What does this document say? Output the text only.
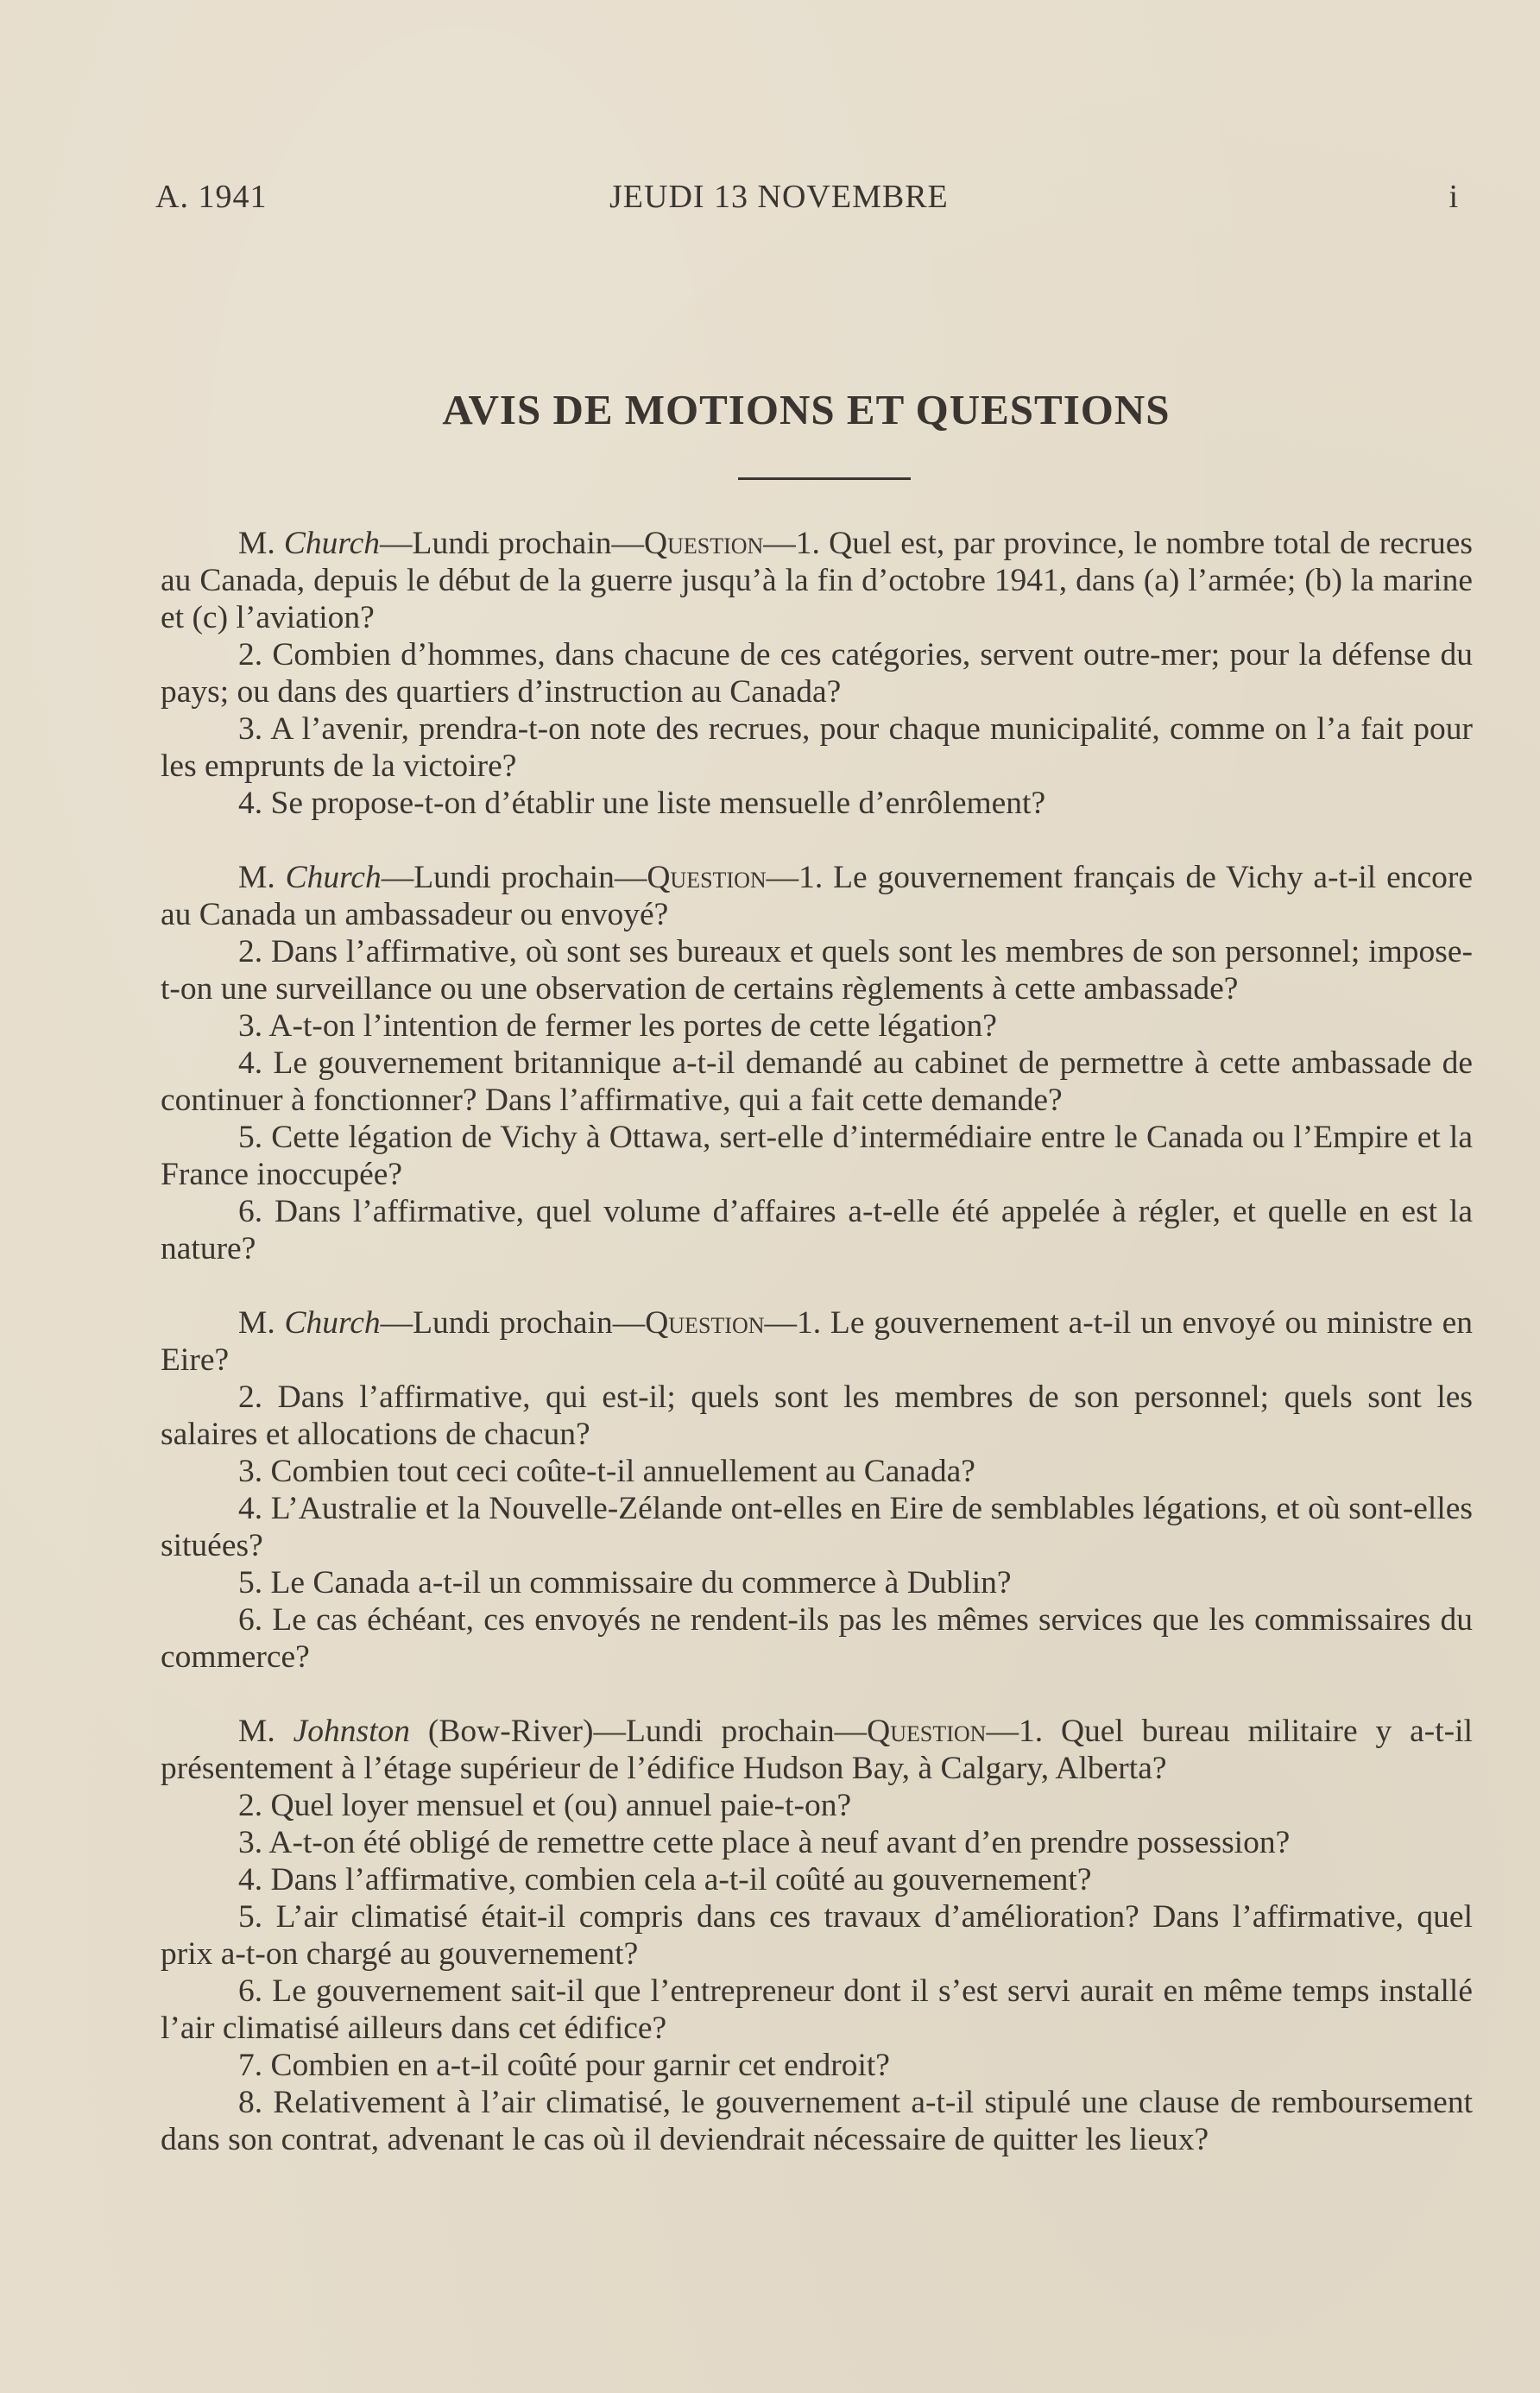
A. 1941	JEUDI 13 NOVEMBRE	i
AVIS DE MOTIONS ET QUESTIONS

M. Church—Lundi prochain—Question—1. Quel est, par province, le nombre total de recrues au Canada, depuis le début de la guerre jusqu’à la fin d’octobre 1941, dans (a) l’armée; (b) la marine et (c) l’aviation?

2. Combien d’hommes, dans chacune de ces catégories, servent outre-mer; pour la défense du pays; ou dans des quartiers d’instruction au Canada?

3. A l’avenir, prendra-t-on note des recrues, pour chaque municipalité, comme on l’a fait pour les emprunts de la victoire?

4. Se propose-t-on d’établir une liste mensuelle d’enrôlement?

M. Church—Lundi prochain—Question—1. Le gouvernement français de Vichy a-t-il encore au Canada un ambassadeur ou envoyé?

2. Dans l’affirmative, où sont ses bureaux et quels sont les membres de son personnel; impose-t-on une surveillance ou une observation de certains règlements à cette ambassade?

3. A-t-on l’intention de fermer les portes de cette légation?

4. Le gouvernement britannique a-t-il demandé au cabinet de permettre à cette ambassade de continuer à fonctionner? Dans l’affirmative, qui a fait cette demande?

5. Cette légation de Vichy à Ottawa, sert-elle d’intermédiaire entre le Canada ou l’Empire et la France inoccupée?

6. Dans l’affirmative, quel volume d’affaires a-t-elle été appelée à régler, et quelle en est la nature?

M. Church—Lundi prochain—Question—1. Le gouvernement a-t-il un envoyé ou ministre en Eire?

2. Dans l’affirmative, qui est-il; quels sont les membres de son personnel; quels sont les salaires et allocations de chacun?

3. Combien tout ceci coûte-t-il annuellement au Canada?

4. L’Australie et la Nouvelle-Zélande ont-elles en Eire de semblables légations, et où sont-elles situées?

5. Le Canada a-t-il un commissaire du commerce à Dublin?

6. Le cas échéant, ces envoyés ne rendent-ils pas les mêmes services que les commissaires du commerce?

M. Johnston (Bow-River)—Lundi prochain—Question—1. Quel bureau militaire y a-t-il présentement à l’étage supérieur de l’édifice Hudson Bay, à Calgary, Alberta?

2. Quel loyer mensuel et (ou) annuel paie-t-on?

3. A-t-on été obligé de remettre cette place à neuf avant d’en prendre possession?

4. Dans l’affirmative, combien cela a-t-il coûté au gouvernement?

5. L’air climatisé était-il compris dans ces travaux d’amélioration? Dans l’affirmative, quel prix a-t-on chargé au gouvernement?

6. Le gouvernement sait-il que l’entrepreneur dont il s’est servi aurait en même temps installé l’air climatisé ailleurs dans cet édifice?

7. Combien en a-t-il coûté pour garnir cet endroit?

8. Relativement à l’air climatisé, le gouvernement a-t-il stipulé une clause de remboursement dans son contrat, advenant le cas où il deviendrait nécessaire de quitter les lieux?
